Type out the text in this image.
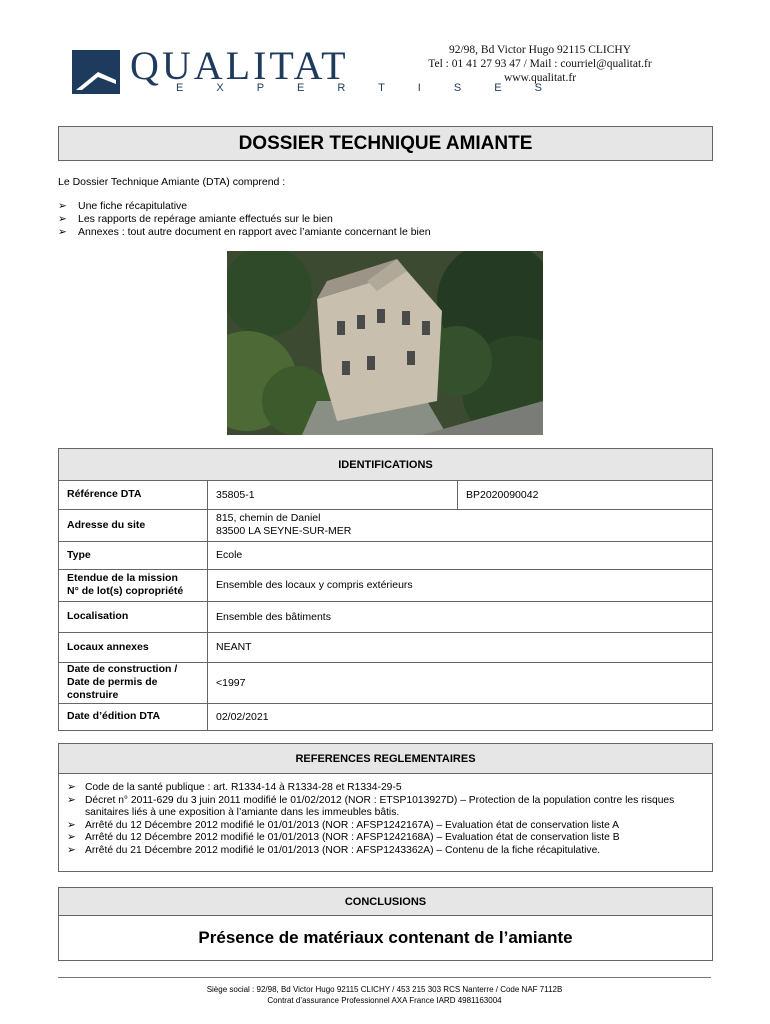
QUALITAT
E X P E R T I S E S
92/98, Bd Victor Hugo 92115 CLICHY
Tel : 01 41 27 93 47 / Mail : courriel@qualitat.fr
www.qualitat.fr
DOSSIER TECHNIQUE AMIANTE
Le Dossier Technique Amiante (DTA) comprend :
➢	Une fiche récapitulative
➢	Les rapports de repérage amiante effectués sur le bien
➢	Annexes : tout autre document en rapport avec l’amiante concernant le bien
IDENTIFICATIONS
Référence DTA	35805-1	BP2020090042
Adresse du site	815, chemin de Daniel
83500 LA SEYNE-SUR-MER	

Type	Ecole	

Etendue de la mission
N° de lot(s) copropriété	Ensemble des locaux y compris extérieurs	
Localisation	Ensemble des bâtiments	
Locaux annexes	NEANT	

Date de construction /
Date de permis de
construire	<1997	
Date d’édition DTA	02/02/2021	
REFERENCES REGLEMENTAIRES
➢ Code de la santé publique : art. R1334-14 à R1334-28 et R1334-29-5
➢ Décret n° 2011-629 du 3 juin 2011 modifié le 01/02/2012 (NOR : ETSP1013927D) – Protection de la population contre les risques sanitaires liés à une exposition à l’amiante dans les immeubles bâtis.
➢ Arrêté du 12 Décembre 2012 modifié le 01/01/2013 (NOR : AFSP1242167A) – Evaluation état de conservation liste A
➢ Arrêté du 12 Décembre 2012 modifié le 01/01/2013 (NOR : AFSP1242168A) – Evaluation état de conservation liste B
➢ Arrêté du 21 Décembre 2012 modifié le 01/01/2013 (NOR : AFSP1243362A) – Contenu de la fiche récapitulative.
CONCLUSIONS
Présence de matériaux contenant de l’amiante
Siège social : 92/98, Bd Victor Hugo 92115 CLICHY / 453 215 303 RCS Nanterre / Code NAF 7112B
Contrat d’assurance Professionnel AXA France IARD 4981163004
